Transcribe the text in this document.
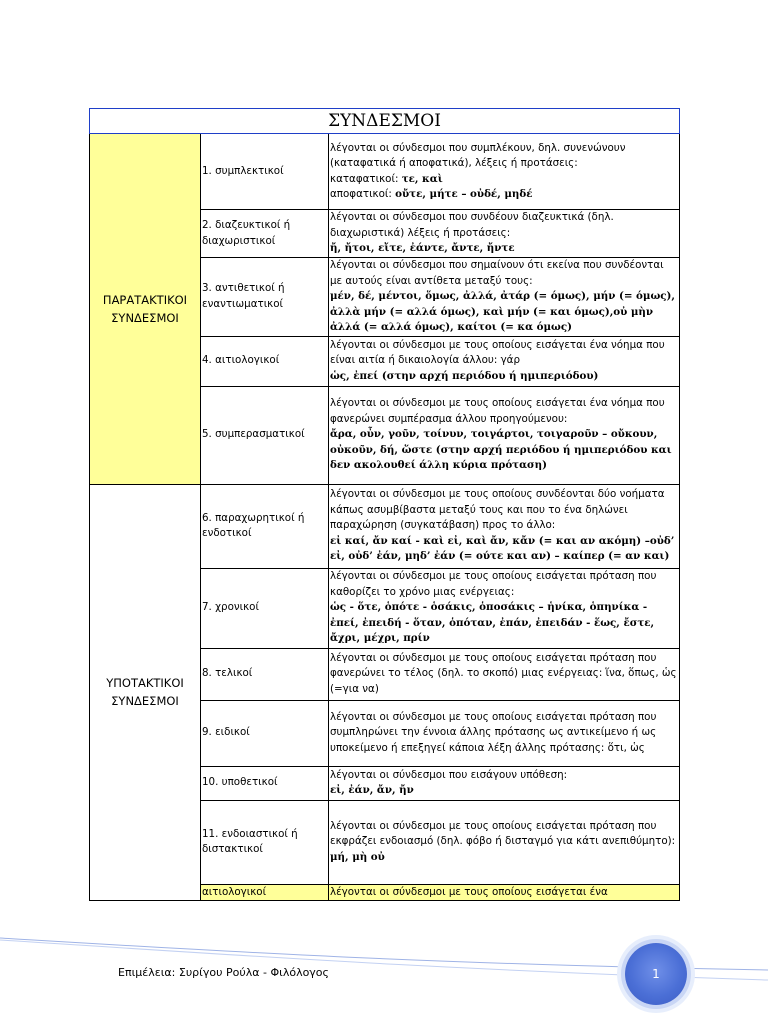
ΣΥΝΔΕΣΜΟΙ		
ΠΑΡΑΤΑΚΤΙΚΟΙ ΣΥΝΔΕΣΜΟΙ	1. συμπλεκτικοί	λέγονται οι σύνδεσμοι που συμπλέκουν, δηλ. συνενώνουν (καταφατικά ή αποφατικά), λέξεις ή προτάσεις:
καταφατικοί: τε, καὶ
αποφατικοί: οὔτε, μήτε – οὐδέ, μηδέ

	2. διαζευκτικοί ή διαχωριστικοί	λέγονται οι σύνδεσμοι που συνδέουν διαζευκτικά (δηλ. διαχωριστικά) λέξεις ή προτάσεις:
ἤ, ἤτοι, εἴτε, ἐάντε, ἄντε, ἤντε

	3. αντιθετικοί ή εναντιωματικοί	λέγονται οι σύνδεσμοι που σημαίνουν ότι εκείνα που συνδέονται με αυτούς είναι αντίθετα μεταξύ τους:
μέν, δέ, μέντοι, ὅμως, ἀλλά, ἀτάρ (= όμως), μήν (= όμως), ἀλλὰ μήν (= αλλά όμως), καὶ μήν (= και όμως),οὐ μὴν ἀλλά (= αλλά όμως), καίτοι (= κα όμως)

	4. αιτιολογικοί	λέγονται οι σύνδεσμοι με τους οποίους εισάγεται ένα νόημα που είναι αιτία ή δικαιολογία άλλου: γάρ
ὡς, ἐπεί (στην αρχή περιόδου ή ημιπεριόδου)

	5. συμπερασματικοί	λέγονται οι σύνδεσμοι με τους οποίους εισάγεται ένα νόημα που φανερώνει συμπέρασμα άλλου προηγούμενου:
ἄρα, οὖν, γοῦν, τοίνυν, τοιγάρτοι, τοιγαροῦν – οὔκουν, οὐκοῦν, δή, ὥστε (στην αρχή περιόδου ή ημιπεριόδου και δεν ακολουθεί άλλη κύρια πρόταση)

ΥΠΟΤΑΚΤΙΚΟΙ ΣΥΝΔΕΣΜΟΙ	6. παραχωρητικοί ή ενδοτικοί	λέγονται οι σύνδεσμοι με τους οποίους συνδέονται δύο νοήματα κάπως ασυμβίβαστα μεταξύ τους και που το ένα δηλώνει παραχώρηση (συγκατάβαση) προς το άλλο:
εἰ καί, ἄν καί - καὶ εἰ, καὶ ἄν, κἄν (= και αν ακόμη) –οὐδ’ εἰ, οὐδ’ ἐάν, μηδ’ ἐάν (= ούτε και αν) – καίπερ (= αν και)

	7. χρονικοί	λέγονται οι σύνδεσμοι με τους οποίους εισάγεται πρόταση που καθορίζει το χρόνο μιας ενέργειας:
ὡς - ὅτε, ὁπότε - ὁσάκις, ὁποσάκις – ἡνίκα, ὁπηνίκα - ἐπεί, ἐπειδή - ὅταν, ὁπόταν, ἐπάν, ἐπειδάν - ἕως, ἔστε, ἄχρι, μέχρι, πρίν

	8. τελικοί	λέγονται οι σύνδεσμοι με τους οποίους εισάγεται πρόταση που φανερώνει το τέλος (δηλ. το σκοπό) μιας ενέργειας: ἵνα, ὅπως, ὡς (=για να)

	9. ειδικοί	λέγονται οι σύνδεσμοι με τους οποίους εισάγεται πρόταση που συμπληρώνει την έννοια άλλης πρότασης ως αντικείμενο ή ως υποκείμενο ή επεξηγεί κάποια λέξη άλλης πρότασης: ὅτι, ὡς

	10. υποθετικοί	λέγονται οι σύνδεσμοι που εισάγουν υπόθεση:
εἰ, ἐάν, ἄν, ἤν

	11. ενδοιαστικοί ή διστακτικοί	λέγονται οι σύνδεσμοι με τους οποίους εισάγεται πρόταση που εκφράζει ενδοιασμό (δηλ. φόβο ή δισταγμό για κάτι ανεπιθύμητο):
μή, μὴ οὐ

	αιτιολογικοί	λέγονται οι σύνδεσμοι με τους οποίους εισάγεται ένα
Επιμέλεια: Συρίγου Ρούλα - Φιλόλογος	1
